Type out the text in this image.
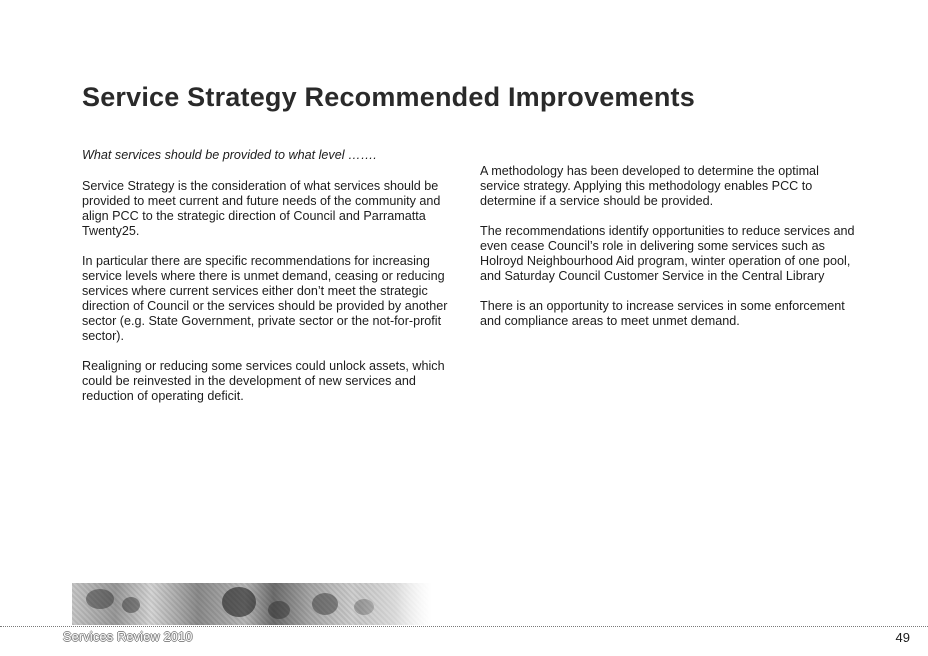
Service Strategy Recommended Improvements

What services should be provided to what level …….

Service Strategy is the consideration of what services should be provided to meet current and future needs of the community and align PCC to the strategic direction of Council and Parramatta Twenty25.

In particular there are specific recommendations for increasing service levels where there is unmet demand, ceasing or reducing services where current services either don’t meet the strategic direction of Council or the services should be provided by another sector (e.g. State Government, private sector or the not-for-profit sector).

Realigning or reducing some services could unlock assets, which could be reinvested in the development of new services and reduction of operating deficit.

A methodology has been developed to determine the optimal service strategy. Applying this methodology enables PCC to determine if a service should be provided.

The recommendations identify opportunities to reduce services and even cease Council’s role in delivering some services such as Holroyd Neighbourhood Aid program, winter operation of one pool, and Saturday Council Customer Service in the Central Library

There is an opportunity to increase services in some enforcement and compliance areas to meet unmet demand.

Services Review 2010	49
